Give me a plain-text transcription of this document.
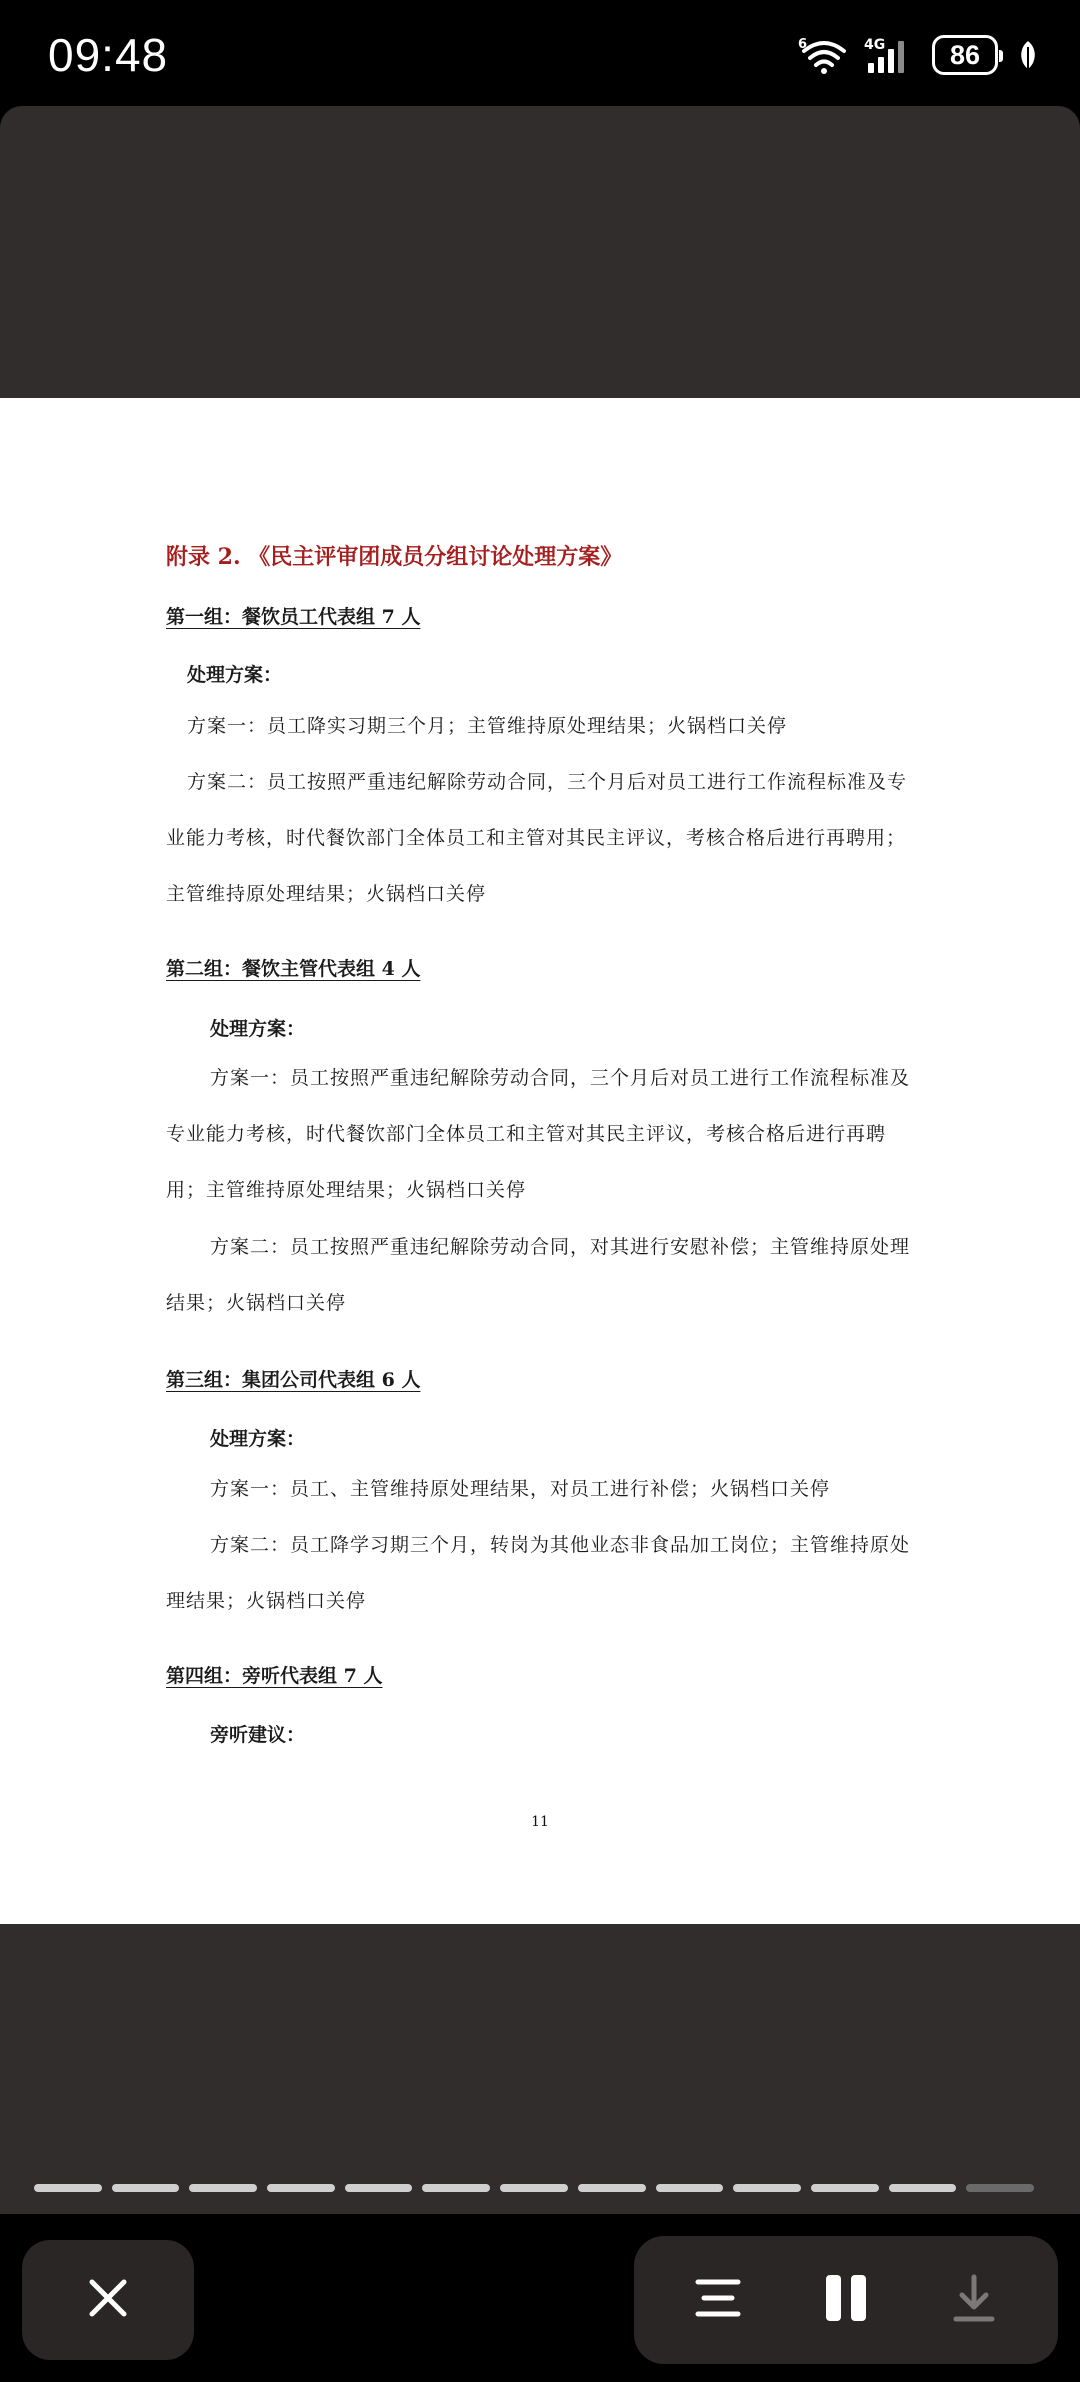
09:48	6	4G 86
附录 2. 《民主评审团成员分组讨论处理方案》
第一组：餐饮员工代表组 7 人
处理方案：
方案一：员工降实习期三个月；主管维持原处理结果；火锅档口关停
方案二：员工按照严重违纪解除劳动合同，三个月后对员工进行工作流程标准及专业能力考核，时代餐饮部门全体员工和主管对其民主评议，考核合格后进行再聘用；主管维持原处理结果；火锅档口关停
第二组：餐饮主管代表组 4 人
处理方案：
方案一：员工按照严重违纪解除劳动合同，三个月后对员工进行工作流程标准及专业能力考核，时代餐饮部门全体员工和主管对其民主评议，考核合格后进行再聘用；主管维持原处理结果；火锅档口关停
方案二：员工按照严重违纪解除劳动合同，对其进行安慰补偿；主管维持原处理结果；火锅档口关停
第三组：集团公司代表组 6 人
处理方案：
方案一：员工、主管维持原处理结果，对员工进行补偿；火锅档口关停
方案二：员工降学习期三个月，转岗为其他业态非食品加工岗位；主管维持原处理结果；火锅档口关停
第四组：旁听代表组 7 人
旁听建议：
11
